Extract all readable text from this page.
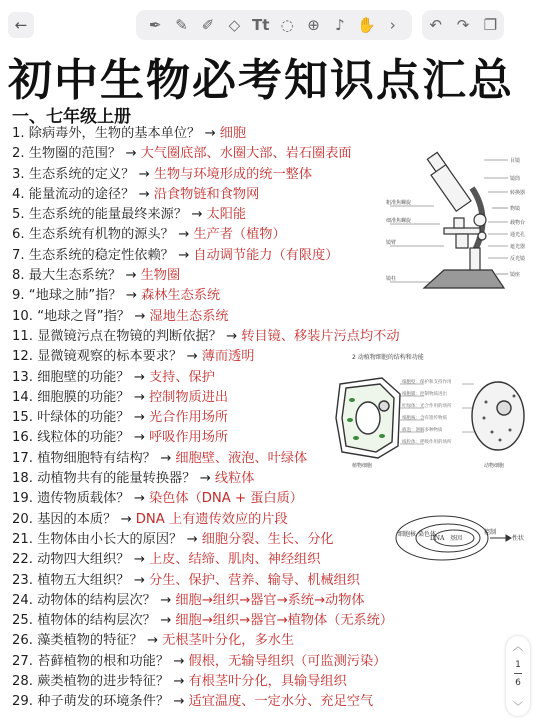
←	✒ ✎ ✐ ◇ Tt ◌ ⊕	♪ ✋ ›	↶ ↷ ❐
初中生物必考知识点汇总
一、七年级上册
1. 除病毒外，生物的基本单位？ → 细胞
2. 生物圈的范围？ → 大气圈底部、水圈大部、岩石圈表面
3. 生态系统的定义？ → 生物与环境形成的统一整体
4. 能量流动的途径？ → 沿食物链和食物网
5. 生态系统的能量最终来源？ → 太阳能
6. 生态系统有机物的源头？ → 生产者（植物）
7. 生态系统的稳定性依赖？ → 自动调节能力（有限度）
8. 最大生态系统？ → 生物圈
9. “地球之肺”指？ → 森林生态系统
10. “地球之肾”指？ → 湿地生态系统
11. 显微镜污点在物镜的判断依据？ → 转目镜、移装片污点均不动
12. 显微镜观察的标本要求？ → 薄而透明
13. 细胞壁的功能？ → 支持、保护
14. 细胞膜的功能？ → 控制物质进出
15. 叶绿体的功能？ → 光合作用场所
16. 线粒体的功能？ → 呼吸作用场所
17. 植物细胞特有结构？ → 细胞壁、液泡、叶绿体
18. 动植物共有的能量转换器？ → 线粒体
19. 遗传物质载体？ → 染色体（DNA + 蛋白质）
20. 基因的本质？ → DNA 上有遗传效应的片段
21. 生物体由小长大的原因？ → 细胞分裂、生长、分化
22. 动物四大组织？ → 上皮、结缔、肌肉、神经组织
23. 植物五大组织？ → 分生、保护、营养、输导、机械组织
24. 动物体的结构层次？ → 细胞→组织→器官→系统→动物体
25. 植物体的结构层次？ → 细胞→组织→器官→植物体（无系统）
26. 藻类植物的特征？ → 无根茎叶分化，多水生
27. 苔藓植物的根和功能？ → 假根，无输导组织（可监测污染）
28. 蕨类植物的进步特征？ → 有根茎叶分化，具输导组织
29. 种子萌发的环境条件？ → 适宜温度、一定水分、充足空气
目镜
镜筒
转换器
物镜
载物台
通光孔
遮光器
反光镜
镜座
粗准焦螺旋
细准焦螺旋
镜臂
镜柱
2 动植物细胞的结构和功能
细胞壁：保护和支持作用
细胞膜：控制物质进出
叶绿体：光合作用的场所
细胞核：含有遗传物质
液泡：溶解多种物质
线粒体：呼吸作用的场所
植物细胞	动物细胞
细胞核 染色体
DNA 基因
控制
性状
︿
1
6
﹀
